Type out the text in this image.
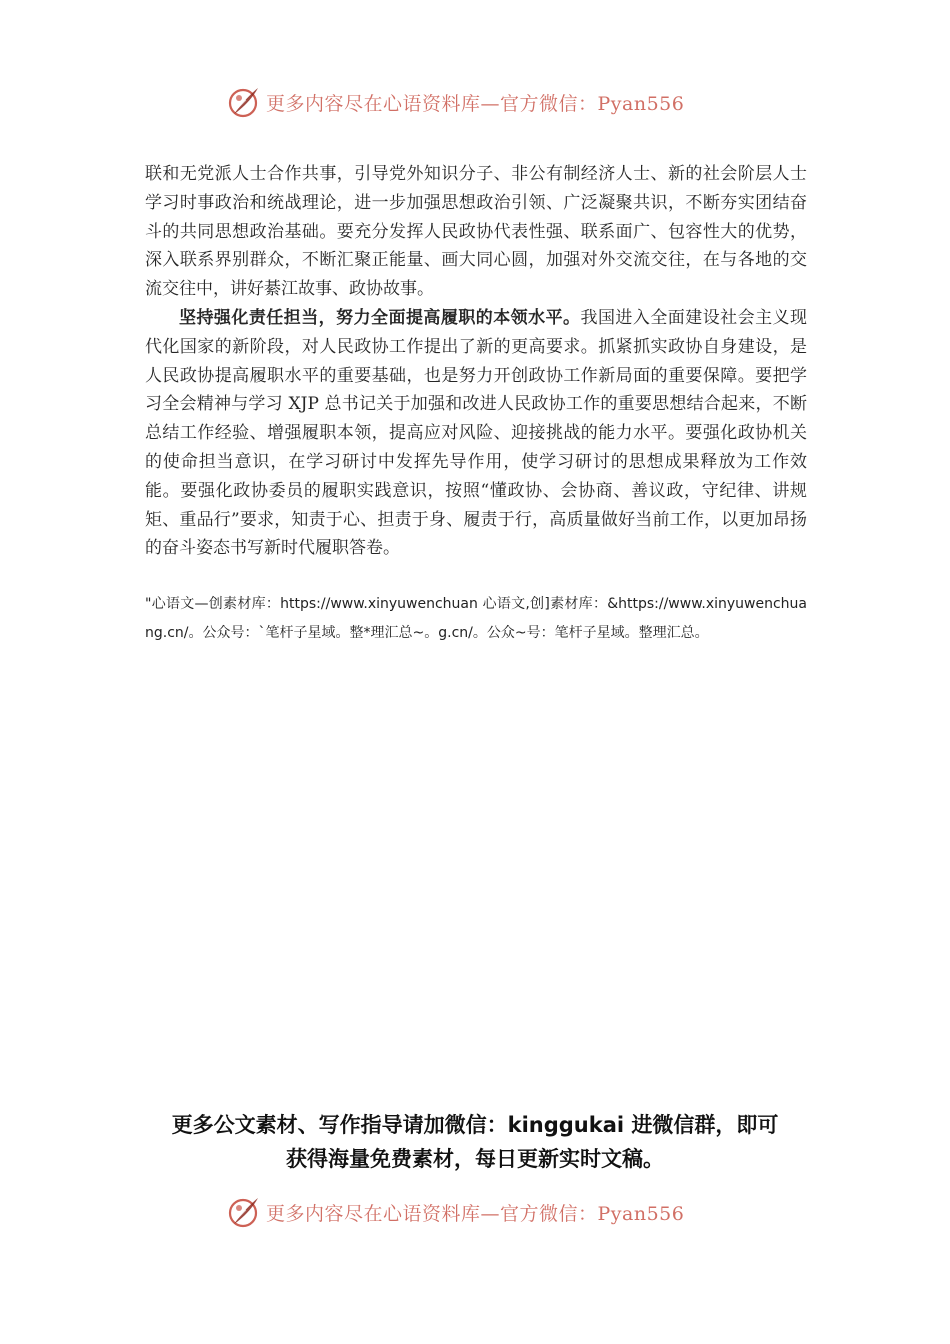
更多内容尽在心语资料库—官方微信：Pyan556

联和无党派人士合作共事，引导党外知识分子、非公有制经济人士、新的社会阶层人士学习时事政治和统战理论，进一步加强思想政治引领、广泛凝聚共识，不断夯实团结奋斗的共同思想政治基础。要充分发挥人民政协代表性强、联系面广、包容性大的优势，深入联系界别群众，不断汇聚正能量、画大同心圆，加强对外交流交往，在与各地的交流交往中，讲好綦江故事、政协故事。

坚持强化责任担当，努力全面提高履职的本领水平。我国进入全面建设社会主义现代化国家的新阶段，对人民政协工作提出了新的更高要求。抓紧抓实政协自身建设，是人民政协提高履职水平的重要基础，也是努力开创政协工作新局面的重要保障。要把学习全会精神与学习 XJP 总书记关于加强和改进人民政协工作的重要思想结合起来，不断总结工作经验、增强履职本领，提高应对风险、迎接挑战的能力水平。要强化政协机关的使命担当意识，在学习研讨中发挥先导作用，使学习研讨的思想成果释放为工作效能。要强化政协委员的履职实践意识，按照“懂政协、会协商、善议政，守纪律、讲规矩、重品行”要求，知责于心、担责于身、履责于行，高质量做好当前工作，以更加昂扬的奋斗姿态书写新时代履职答卷。

"心语文—创素材库：https://www.xinyuwenchuan 心语文,创]素材库：&https://www.xinyuwenchuang.cn/。公众号：`笔杆子星域。整*理汇总~。g.cn/。公众~号：笔杆子星域。整理汇总。

更多公文素材、写作指导请加微信：kinggukai 进微信群，即可

获得海量免费素材，每日更新实时文稿。

更多内容尽在心语资料库—官方微信：Pyan556
